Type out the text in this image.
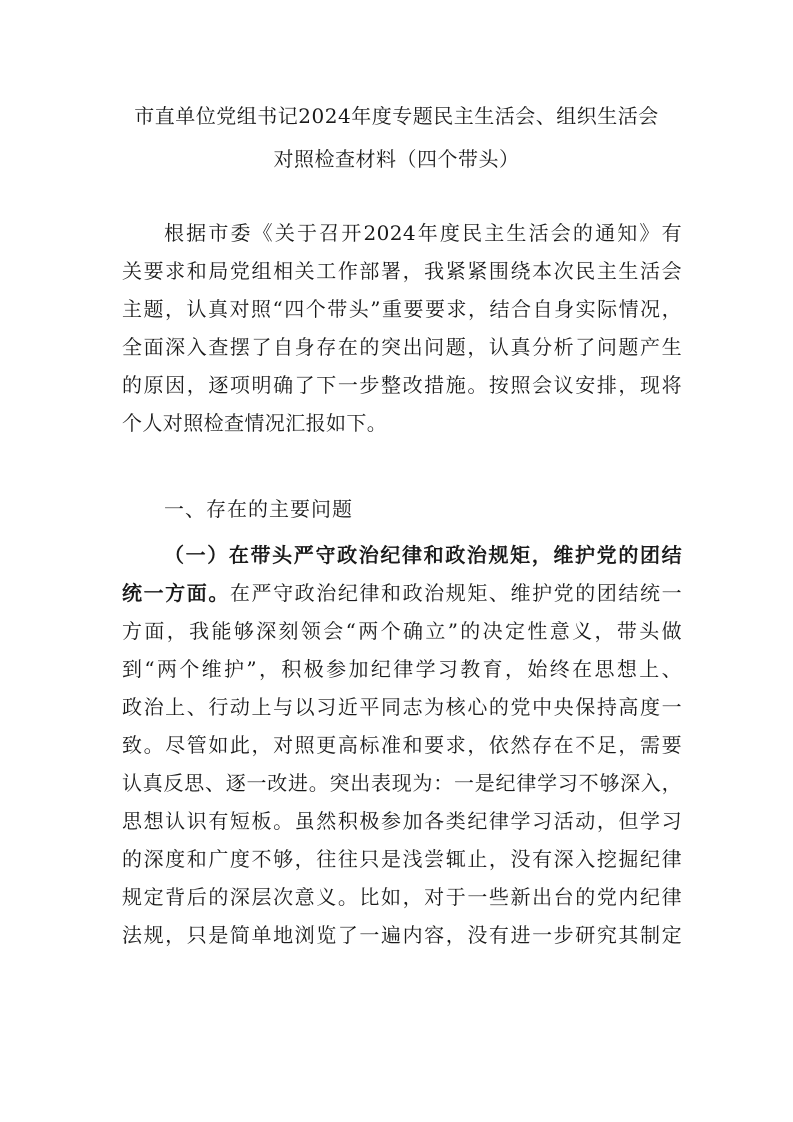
市直单位党组书记2024年度专题民主生活会、组织生活会
对照检查材料（四个带头）
根据市委《关于召开2024年度民主生活会的通知》有
关要求和局党组相关工作部署，我紧紧围绕本次民主生活会
主题，认真对照“四个带头”重要要求，结合自身实际情况，
全面深入查摆了自身存在的突出问题，认真分析了问题产生
的原因，逐项明确了下一步整改措施。按照会议安排，现将
个人对照检查情况汇报如下。
一、存在的主要问题
（一）在带头严守政治纪律和政治规矩，维护党的团结
统一方面。在严守政治纪律和政治规矩、维护党的团结统一
方面，我能够深刻领会“两个确立”的决定性意义，带头做
到“两个维护”，积极参加纪律学习教育，始终在思想上、
政治上、行动上与以习近平同志为核心的党中央保持高度一
致。尽管如此，对照更高标准和要求，依然存在不足，需要
认真反思、逐一改进。突出表现为：一是纪律学习不够深入，
思想认识有短板。虽然积极参加各类纪律学习活动，但学习
的深度和广度不够，往往只是浅尝辄止，没有深入挖掘纪律
规定背后的深层次意义。比如，对于一些新出台的党内纪律
法规，只是简单地浏览了一遍内容，没有进一步研究其制定
